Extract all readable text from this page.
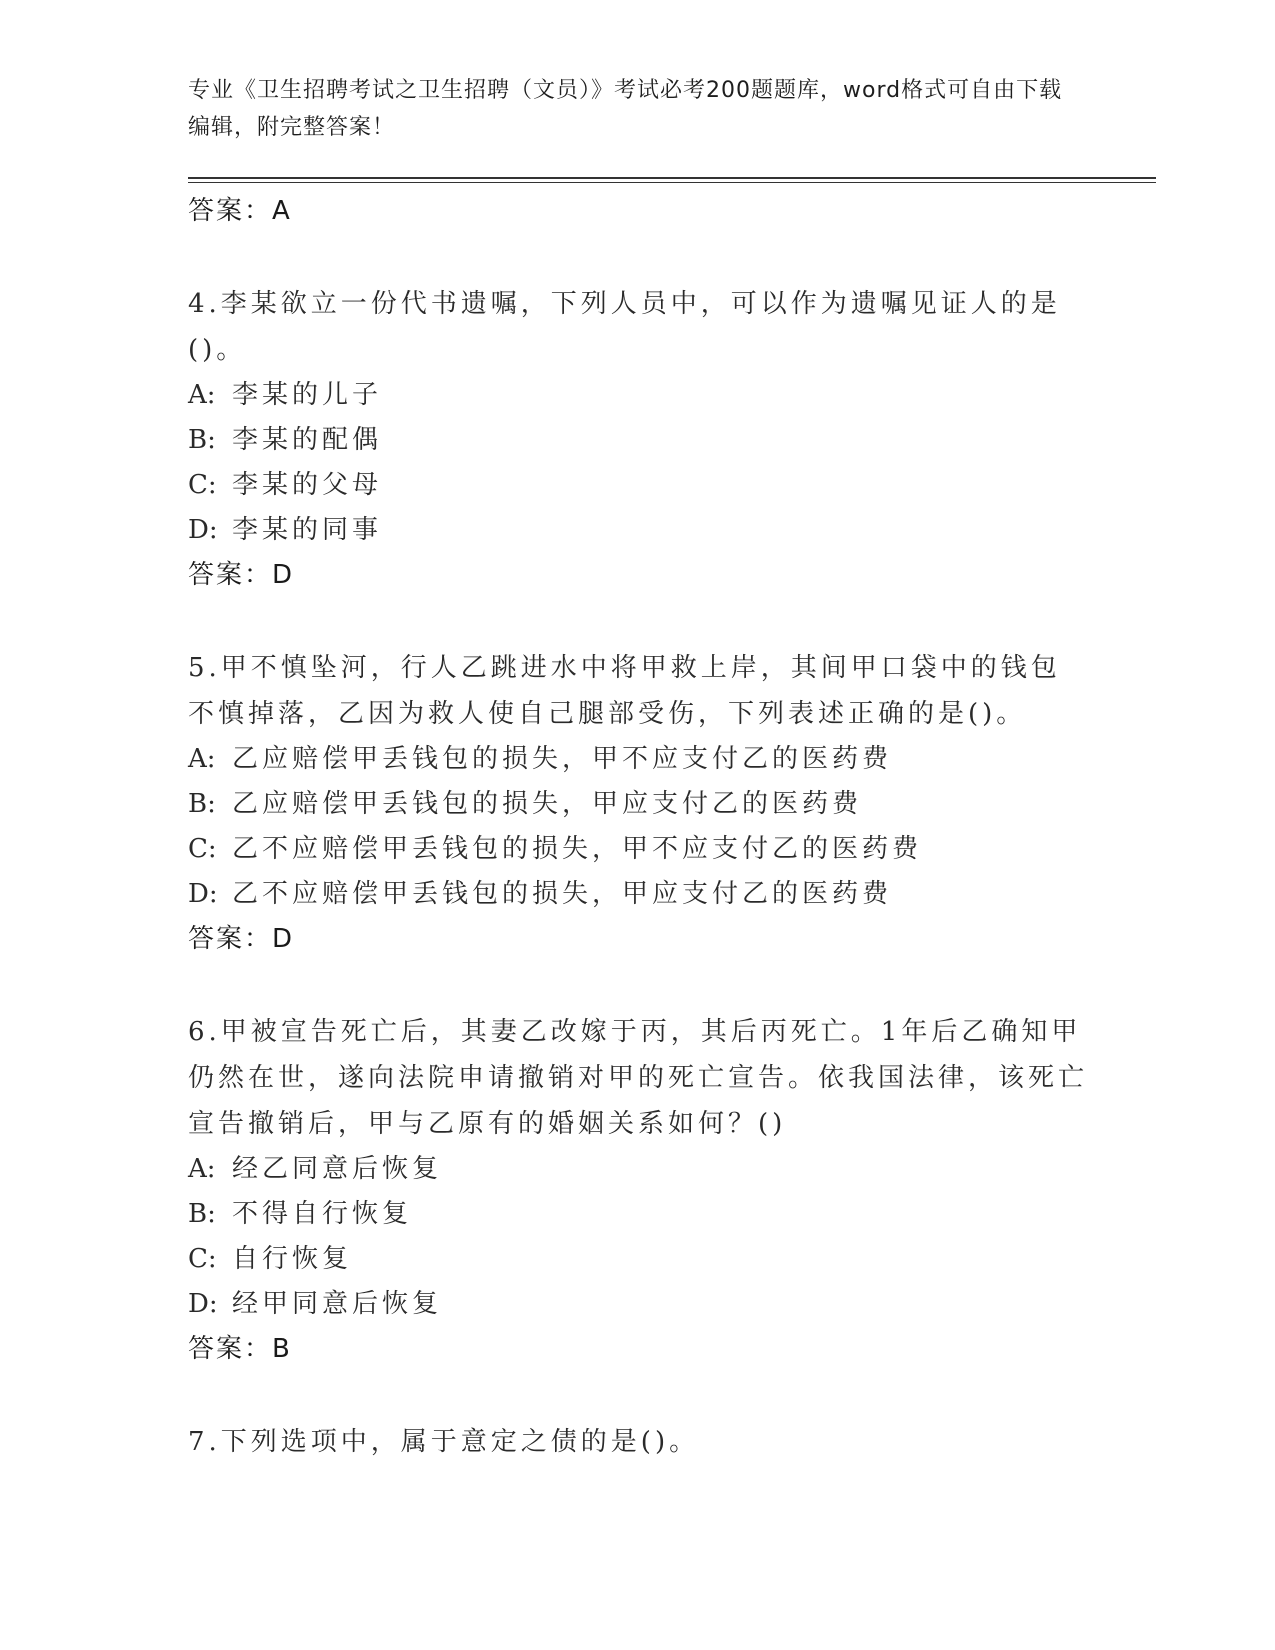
专业《卫生招聘考试之卫生招聘（文员）》考试必考200题题库，word格式可自由下载编辑，附完整答案！
答案：A
4.李某欲立一份代书遗嘱，下列人员中，可以作为遗嘱见证人的是()。
A: 李某的儿子
B: 李某的配偶
C: 李某的父母
D: 李某的同事
答案：D
5.甲不慎坠河，行人乙跳进水中将甲救上岸，其间甲口袋中的钱包不慎掉落，乙因为救人使自己腿部受伤，下列表述正确的是()。
A: 乙应赔偿甲丢钱包的损失，甲不应支付乙的医药费
B: 乙应赔偿甲丢钱包的损失，甲应支付乙的医药费
C: 乙不应赔偿甲丢钱包的损失，甲不应支付乙的医药费
D: 乙不应赔偿甲丢钱包的损失，甲应支付乙的医药费
答案：D
6.甲被宣告死亡后，其妻乙改嫁于丙，其后丙死亡。1年后乙确知甲仍然在世，遂向法院申请撤销对甲的死亡宣告。依我国法律，该死亡宣告撤销后，甲与乙原有的婚姻关系如何？()
A: 经乙同意后恢复
B: 不得自行恢复
C: 自行恢复
D: 经甲同意后恢复
答案：B
7.下列选项中，属于意定之债的是()。
